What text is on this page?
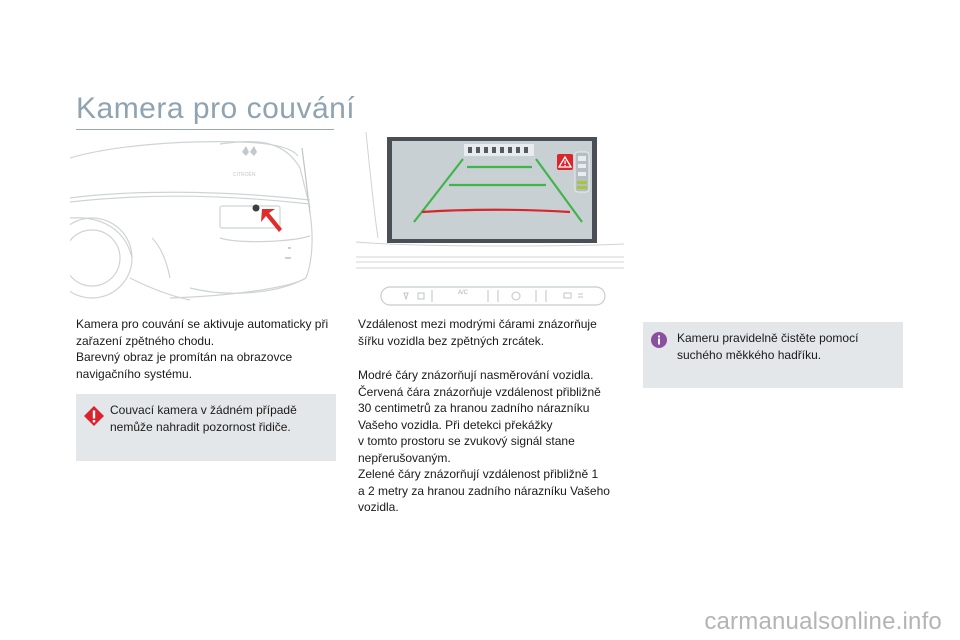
Kamera pro couvání
CITROËN
A/C

Kamera pro couvání se aktivuje automaticky při

zařazení zpětného chodu.

Barevný obraz je promítán na obrazovce

navigačního systému.

Couvací kamera v žádném případě
nemůže nahradit pozornost řidiče.

Vzdálenost mezi modrými čárami znázorňuje

šířku vozidla bez zpětných zrcátek.

Modré čáry znázorňují nasměrování vozidla.

Červená čára znázorňuje vzdálenost přibližně

30 centimetrů za hranou zadního nárazníku

Vašeho vozidla. Při detekci překážky

v tomto prostoru se zvukový signál stane

nepřerušovaným.

Zelené čáry znázorňují vzdálenost přibližně 1

a 2 metry za hranou zadního nárazníku Vašeho

vozidla.

Kameru pravidelně čistěte pomocí
suchého měkkého hadříku.
carmanualsonline.info
